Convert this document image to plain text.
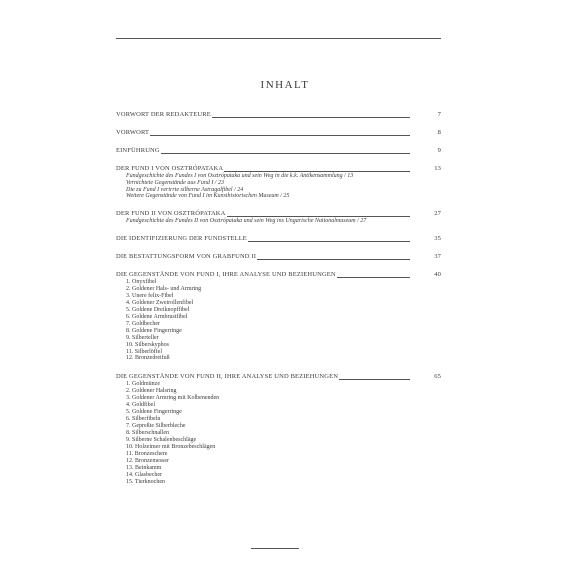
INHALT
VORWORT DER REDAKTEURE	7
VORWORT	8
EINFÜHRUNG	9
DER FUND I VON OSZTRÓPATAKA	13
Fundgeschichte des Fundes I von Osztrópataka und sein Weg in die k.k. Antikensammlung / 13
Vernichtete Gegenstände aus Fund I / 23
Die zu Fund I verirrte silberne Astragalfibel / 24
Weitere Gegenstände von Fund I im Kunsthistorischen Museum / 25
DER FUND II VON OSZTRÓPATAKA	27
Fundgeschichte des Fundes II von Osztrópataka und sein Weg ins Ungarische Nationalmuseum / 27
DIE IDENTIFIZIERUNG DER FUNDSTELLE	35
DIE BESTATTUNGSFORM VON GRABFUND II	37
DIE GEGENSTÄNDE VON FUND I, IHRE ANALYSE UND BEZIEHUNGEN	40
1. Onyxfibel
2. Goldener Hals- und Armring
3. Unere felix-Fibel
4. Goldener Zweirollenfibel
5. Goldene Dreiknopffibel
6. Goldene Armbrustfibel
7. Goldbecher
8. Goldene Fingerringe
9. Silberteller
10. Silberskyphos
11. Silberlöffel
12. Bronzedreifuß
DIE GEGENSTÄNDE VON FUND II, IHRE ANALYSE UND BEZIEHUNGEN	65
1. Goldmünze
2. Goldener Halsring
3. Goldener Armring mit Kolbenenden
4. Goldfibel
5. Goldene Fingerringe
6. Silberfibeln
7. Gepreßte Silberbleche
8. Silberschnallen
9. Silberne Schalenbeschläge
10. Holzeimer mit Bronzebeschlägen
11. Bronzeschere
12. Bronzemesser
13. Beinkamm
14. Glasbecher
15. Tierknochen
